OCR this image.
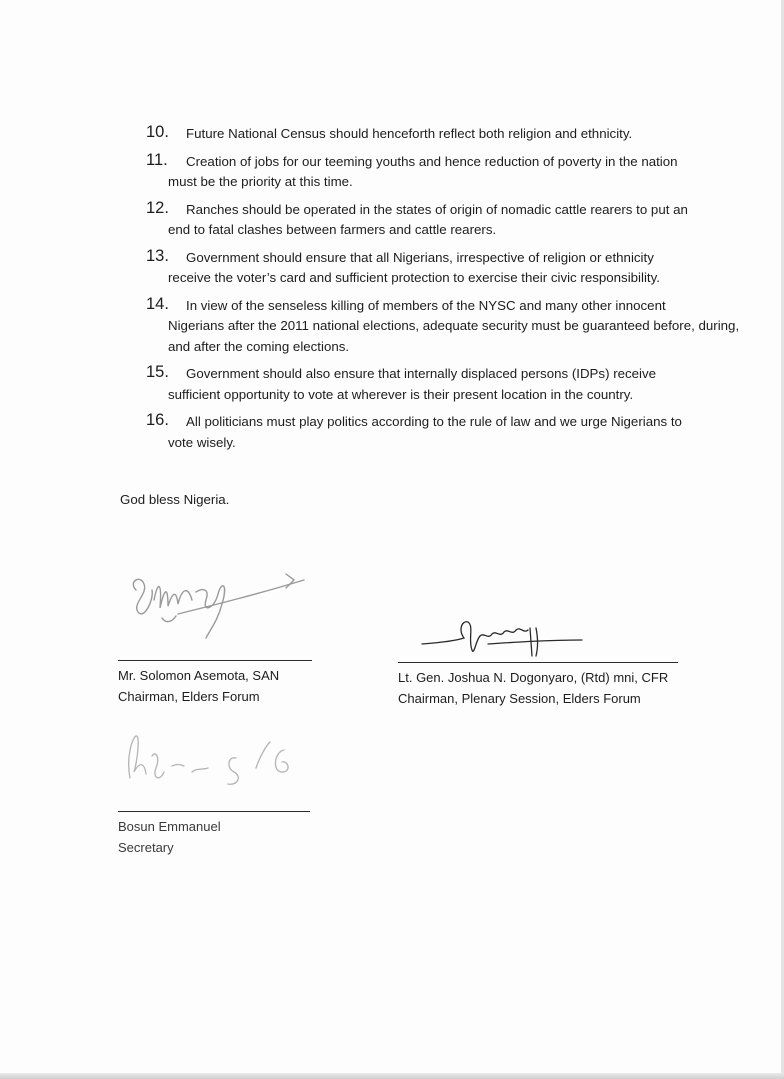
10. Future National Census should henceforth reflect both religion and ethnicity.
11. Creation of jobs for our teeming youths and hence reduction of poverty in the nation
must be the priority at this time.
12. Ranches should be operated in the states of origin of nomadic cattle rearers to put an
end to fatal clashes between farmers and cattle rearers.
13. Government should ensure that all Nigerians, irrespective of religion or ethnicity
receive the voter’s card and sufficient protection to exercise their civic responsibility.
14. In view of the senseless killing of members of the NYSC and many other innocent
Nigerians after the 2011 national elections, adequate security must be guaranteed before, during, and after the coming elections.
15. Government should also ensure that internally displaced persons (IDPs) receive
sufficient opportunity to vote at wherever is their present location in the country.
16. All politicians must play politics according to the rule of law and we urge Nigerians to
vote wisely.
God bless Nigeria.
Mr. Solomon Asemota, SAN
Chairman, Elders Forum
Lt. Gen. Joshua N. Dogonyaro, (Rtd) mni, CFR
Chairman, Plenary Session, Elders Forum
Bosun Emmanuel
Secretary
